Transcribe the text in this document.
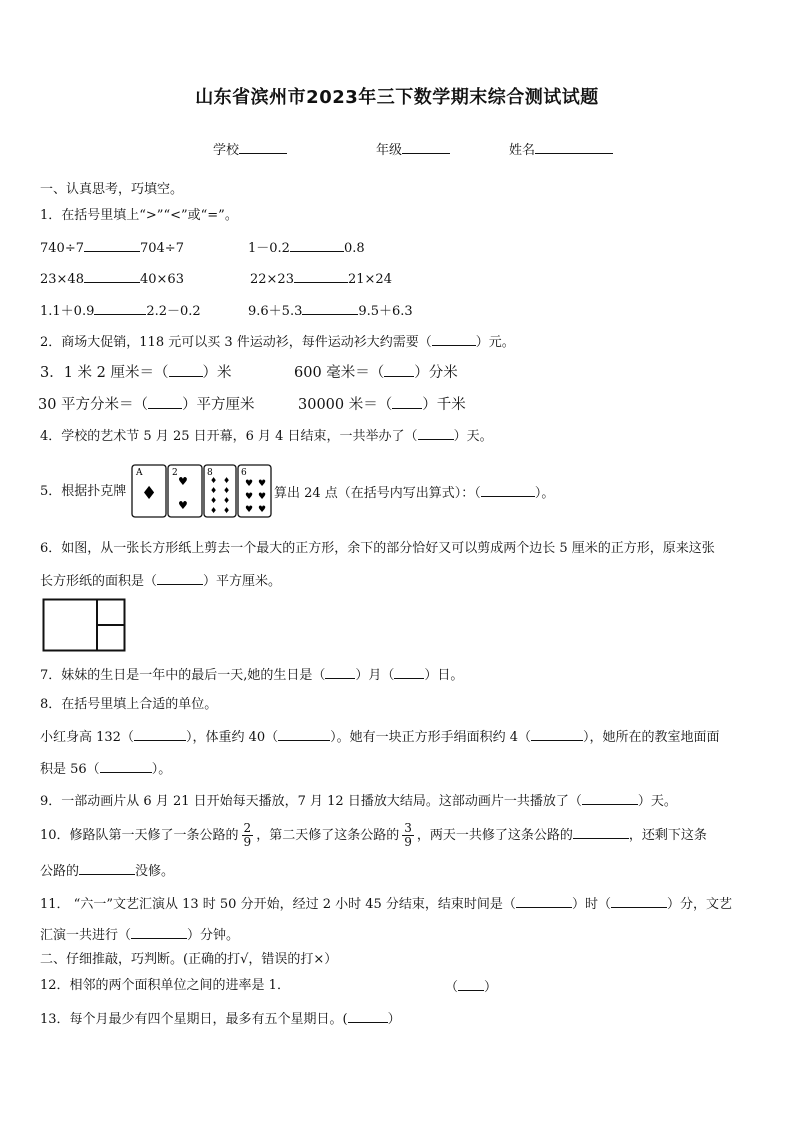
山东省滨州市2023年三下数学期末综合测试试题
学校	年级	姓名
一、认真思考，巧填空。
1．在括号里填上“>”“<”或“=”。
740÷7	704÷7	1－0.2	0.8
23×48	40×63	22×23	21×24
1.1＋0.9	2.2－0.2	9.6＋5.3	9.5＋6.3
2．商场大促销，118 元可以买 3 件运动衫，每件运动衫大约需要（	）元。
3．1 米 2 厘米＝（ ）米	600 毫米＝（ ）分米
30 平方分米＝（ ）平方厘米	30000 米＝（ ）千米
4．学校的艺术节 5 月 25 日开幕，6 月 4 日结束，一共举办了（	）天。
5．根据扑克牌
A
♦
2
♥
♥
8
♦ ♦
♦ ♦
♦ ♦
♦ ♦
6
♥ ♥
♥ ♥
♥ ♥
算出 24 点（在括号内写出算式）：（	）。
6．如图，从一张长方形纸上剪去一个最大的正方形，余下的部分恰好又可以剪成两个边长 5 厘米的正方形，原来这张
长方形纸的面积是（	）平方厘米。
7．妹妹的生日是一年中的最后一天,她的生日是（ ）月（ ）日。
8．在括号里填上合适的单位。
小红身高 132（	），体重约 40（	）。她有一块正方形手绢面积约 4（	），她所在的教室地面面
积是 56（	）。
9．一部动画片从 6 月 21 日开始每天播放，7 月 12 日播放大结局。这部动画片一共播放了（	）天。
10．修路队第一天修了一条公路的 $\frac{2}{9}$ ，第二天修了这条公路的 $\frac{3}{9}$ ，两天一共修了这条公路的	，还剩下这条
公路的	没修。
11． “六一”文艺汇演从 13 时 50 分开始，经过 2 小时 45 分结束，结束时间是（	）时（	）分，文艺
汇演一共进行（	）分钟。
二、仔细推敲，巧判断。(正确的打√，错误的打×）
12．相邻的两个面积单位之间的进率是 1．	（ ）
13．每个月最少有四个星期日，最多有五个星期日。(	）
